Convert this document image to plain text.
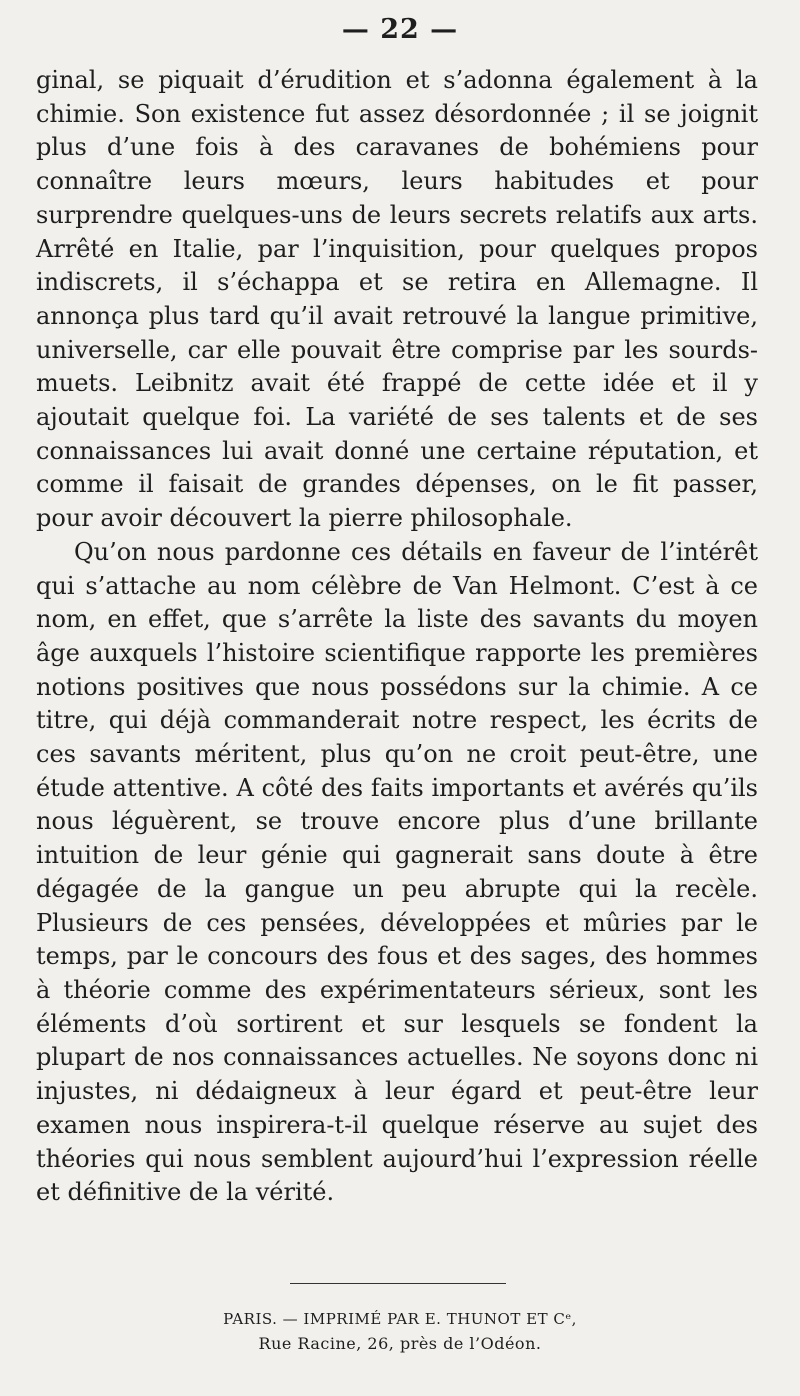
— 22 —

ginal, se piquait d’érudition et s’adonna également à la chimie. Son existence fut assez désordonnée ; il se joignit plus d’une fois à des caravanes de bohémiens pour connaître leurs mœurs, leurs habitudes et pour surprendre quelques-uns de leurs secrets relatifs aux arts. Arrêté en Italie, par l’inquisition, pour quelques propos indiscrets, il s’échappa et se retira en Allemagne. Il annonça plus tard qu’il avait retrouvé la langue primitive, universelle, car elle pouvait être comprise par les sourds-muets. Leibnitz avait été frappé de cette idée et il y ajoutait quelque foi. La variété de ses talents et de ses connaissances lui avait donné une certaine réputation, et comme il faisait de grandes dépenses, on le fit passer, pour avoir découvert la pierre philosophale.

Qu’on nous pardonne ces détails en faveur de l’intérêt qui s’attache au nom célèbre de Van Helmont. C’est à ce nom, en effet, que s’arrête la liste des savants du moyen âge auxquels l’histoire scientifique rapporte les premières notions positives que nous possédons sur la chimie. A ce titre, qui déjà commanderait notre respect, les écrits de ces savants méritent, plus qu’on ne croit peut-être, une étude attentive. A côté des faits importants et avérés qu’ils nous léguèrent, se trouve encore plus d’une brillante intuition de leur génie qui gagnerait sans doute à être dégagée de la gangue un peu abrupte qui la recèle. Plusieurs de ces pensées, développées et mûries par le temps, par le concours des fous et des sages, des hommes à théorie comme des expérimentateurs sérieux, sont les éléments d’où sortirent et sur lesquels se fondent la plupart de nos connaissances actuelles. Ne soyons donc ni injustes, ni dédaigneux à leur égard et peut-être leur examen nous inspirera-t-il quelque réserve au sujet des théories qui nous semblent aujourd’hui l’expression réelle et définitive de la vérité.

PARIS. — IMPRIMÉ PAR E. THUNOT ET Cᵉ,
Rue Racine, 26, près de l’Odéon.
